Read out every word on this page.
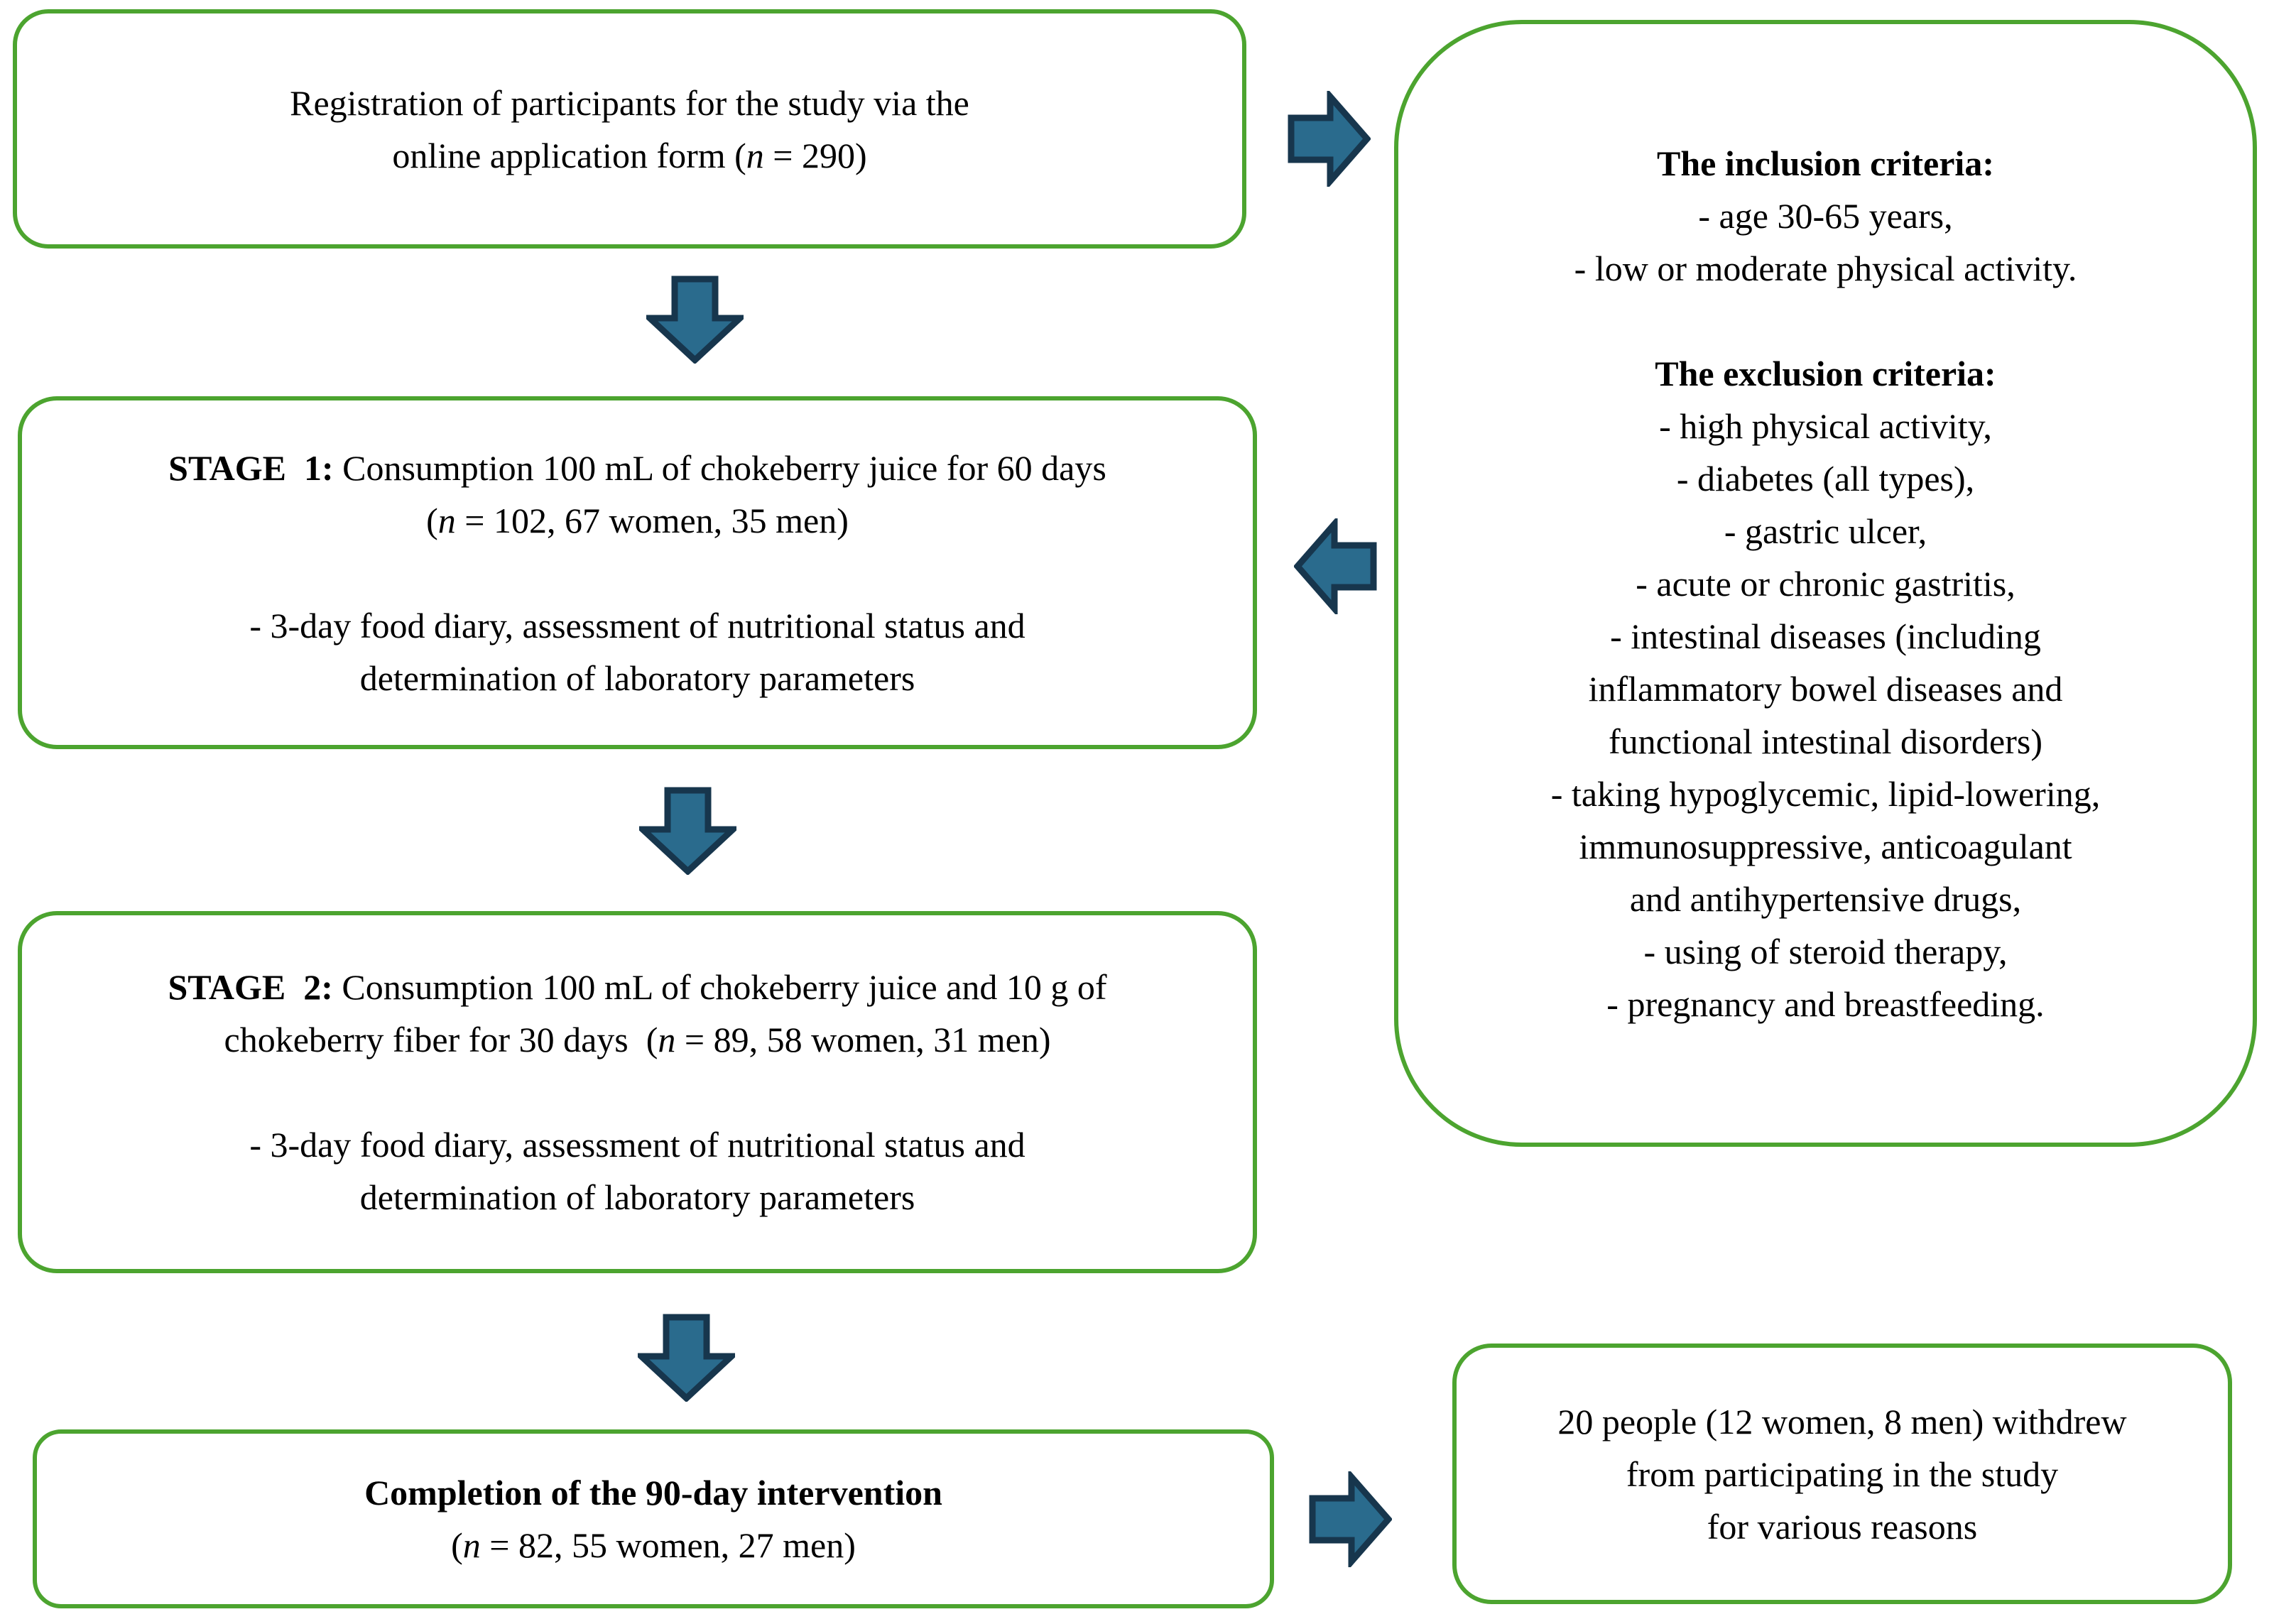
Registration of participants for the study via the
online application form (n = 290)	The inclusion criteria:
- age 30-65 years,
- low or moderate physical activity.
The exclusion criteria:
- high physical activity,
- diabetes (all types),
- gastric ulcer,
- acute or chronic gastritis,
- intestinal diseases (including
inflammatory bowel diseases and
functional intestinal disorders)
- taking hypoglycemic, lipid-lowering,
immunosuppressive, anticoagulant
and antihypertensive drugs,
- using of steroid therapy,
- pregnancy and breastfeeding.
STAGE  1: Consumption 100 mL of chokeberry juice for 60 days
(n = 102, 67 women, 35 men)
- 3-day food diary, assessment of nutritional status and
determination of laboratory parameters
STAGE  2: Consumption 100 mL of chokeberry juice and 10 g of
chokeberry fiber for 30 days  (n = 89, 58 women, 31 men)
- 3-day food diary, assessment of nutritional status and
determination of laboratory parameters
Completion of the 90-day intervention
(n = 82, 55 women, 27 men)
20 people (12 women, 8 men) withdrew
from participating in the study
for various reasons
